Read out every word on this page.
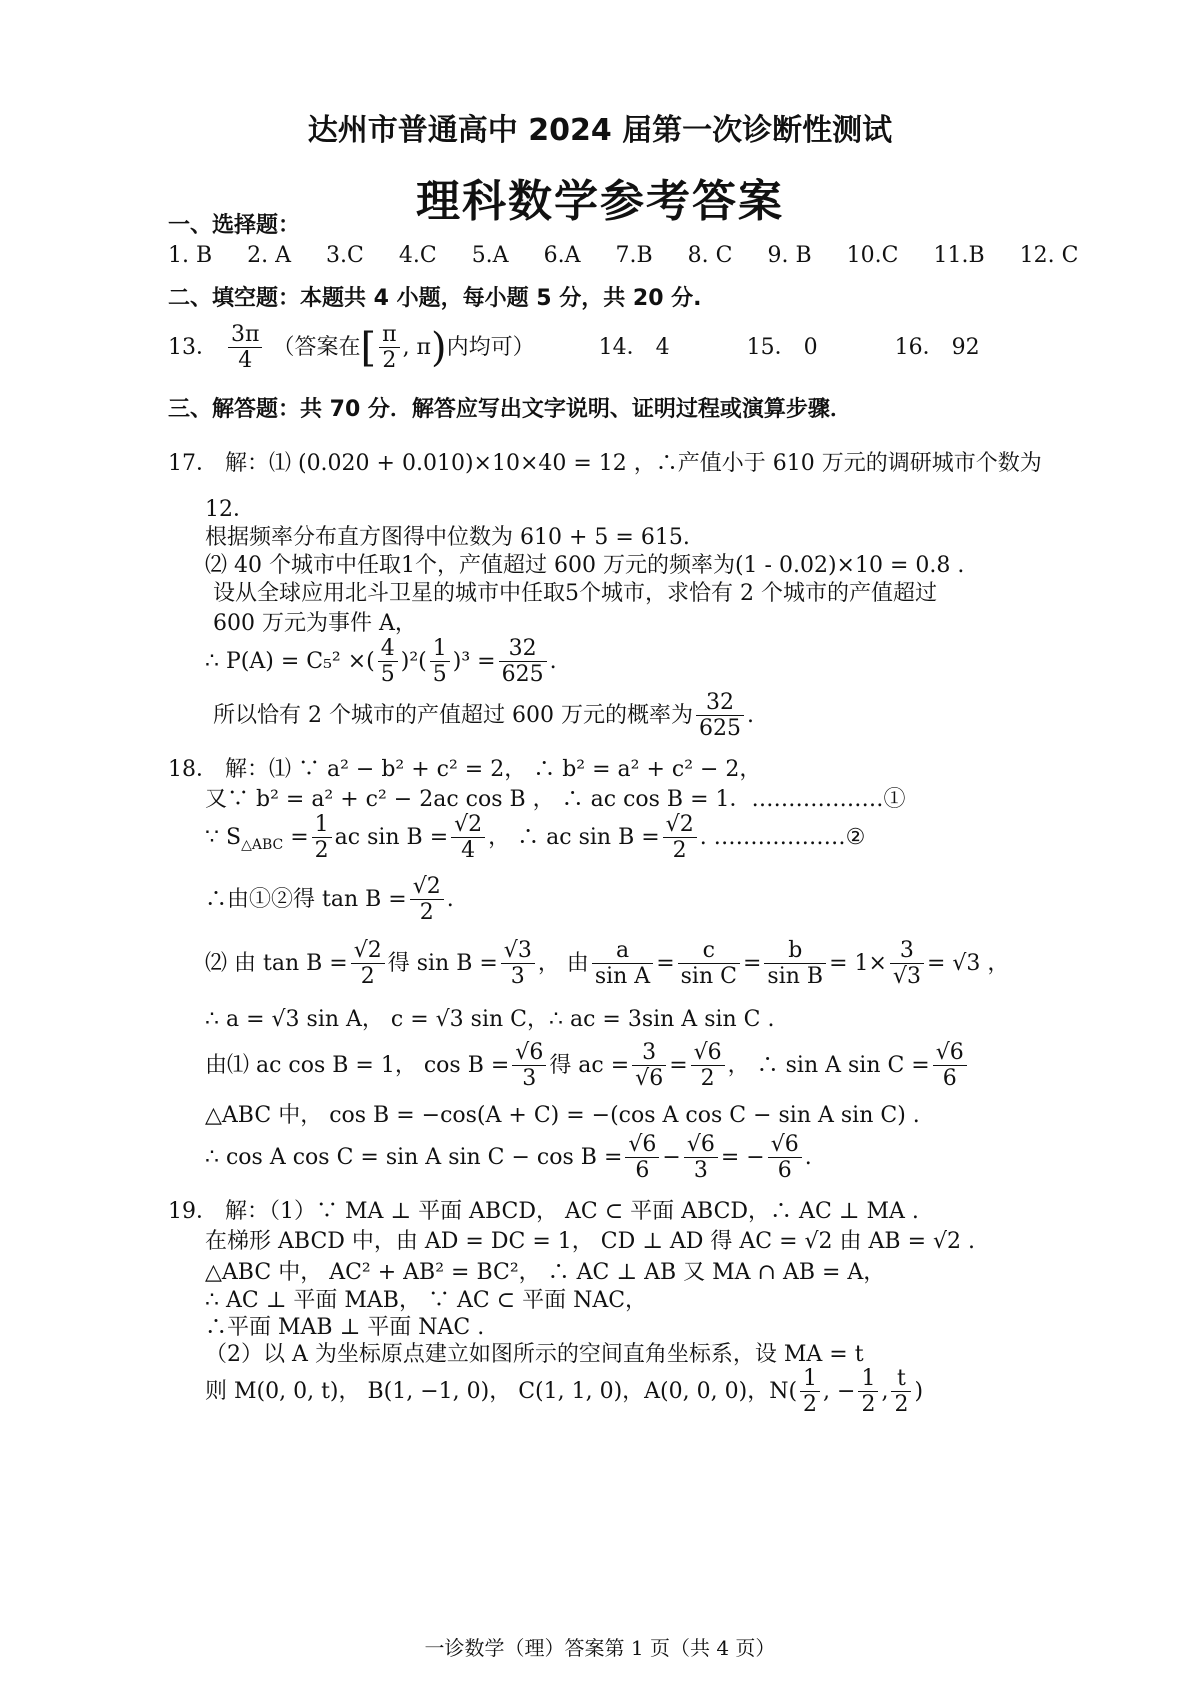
达州市普通高中 2024 届第一次诊断性测试
理科数学参考答案
一、选择题：
1. B 2. A 3.C 4.C 5.A 6.A 7.B 8. C 9. B 10.C 11.B 12. C
二、填空题：本题共 4 小题，每小题 5 分，共 20 分.
13． $\frac{3\pi}{4}$ （答案在[ $\frac{\pi}{2}$ , π)内均可）	14． 4	15． 0	16． 92
三、解答题：共 70 分．解答应写出文字说明、证明过程或演算步骤．
17． 解：⑴ (0.020 + 0.010)×10×40 = 12 ，∴产值小于 610 万元的调研城市个数为
12．
根据频率分布直方图得中位数为 610 + 5 = 615.
⑵ 40 个城市中任取1个，产值超过 600 万元的频率为(1 - 0.02)×10 = 0.8 .
设从全球应用北斗卫星的城市中任取5个城市，求恰有 2 个城市的产值超过
600 万元为事件 A，
∴ P(A) = C₅² ×( $\frac{4}{5} )^2( \frac{1}{5} )^3 = \frac{32}{625}$ .
所以恰有 2 个城市的产值超过 600 万元的概率为 $\frac{32}{625}$ .
18． 解：⑴ ∵ a² − b² + c² = 2， ∴ b² = a² + c² − 2，
又∵ b² = a² + c² − 2ac cos B ， ∴ ac cos B = 1．………………①
∵ $S_{\triangle ABC} = \frac{1}{2}$ ac $\sin B = \frac{√2}{4}$ ， ∴ ac $\sin B = \frac{√2}{2}$ . ………………②
∴由①②得 $\tan B = \frac{√2}{2}$ .
⑵ 由 $\tan B = \frac{√2}{2}$ 得 $\sin B = \frac{√3}{3}$ ， 由 $\frac{a}{\text{sin A}} = \frac{c}{\text{sin C}} = \frac{b}{\text{sin B}} = 1\times \frac{3}{√3} = √3$ ，
∴ a = √3 sin A， c = √3 sin C，∴ ac = 3sin A sin C .
由⑴ ac cos B = 1， $\cos B = \frac{√6}{3}$ 得 ac = $\frac{3}{√6} = \frac{√6}{2}$ ， ∴ sin A $\sin C = \frac{√6}{6}$
△ABC 中， cos B = −cos(A + C) = −(cos A cos C − sin A sin C) .
∴ cos A cos C = sin A $\sin C - \cos B = \frac{√6}{6} - \frac{√6}{3}$ = − $\frac{√6}{6}$ .
19． 解：（1）∵ MA ⊥ 平面 ABCD， AC ⊂ 平面 ABCD，∴ AC ⊥ MA .
在梯形 ABCD 中，由 AD = DC = 1， CD ⊥ AD 得 AC = √2 由 AB = √2 .
△ABC 中， AC² + AB² = BC²， ∴ AC ⊥ AB 又 MA ∩ AB = A，
∴ AC ⊥ 平面 MAB， ∵ AC ⊂ 平面 NAC，
∴平面 MAB ⊥ 平面 NAC .
（2）以 A 为坐标原点建立如图所示的空间直角坐标系，设 MA = t
则 M(0, 0, t)， B(1, −1, 0)， C(1, 1, 0)，A(0, 0, 0)，$N( \frac{1}{2}$ , − $\frac{1}{2}$ , $\frac{t}{2}$ )
一诊数学（理）答案第 1 页（共 4 页）
